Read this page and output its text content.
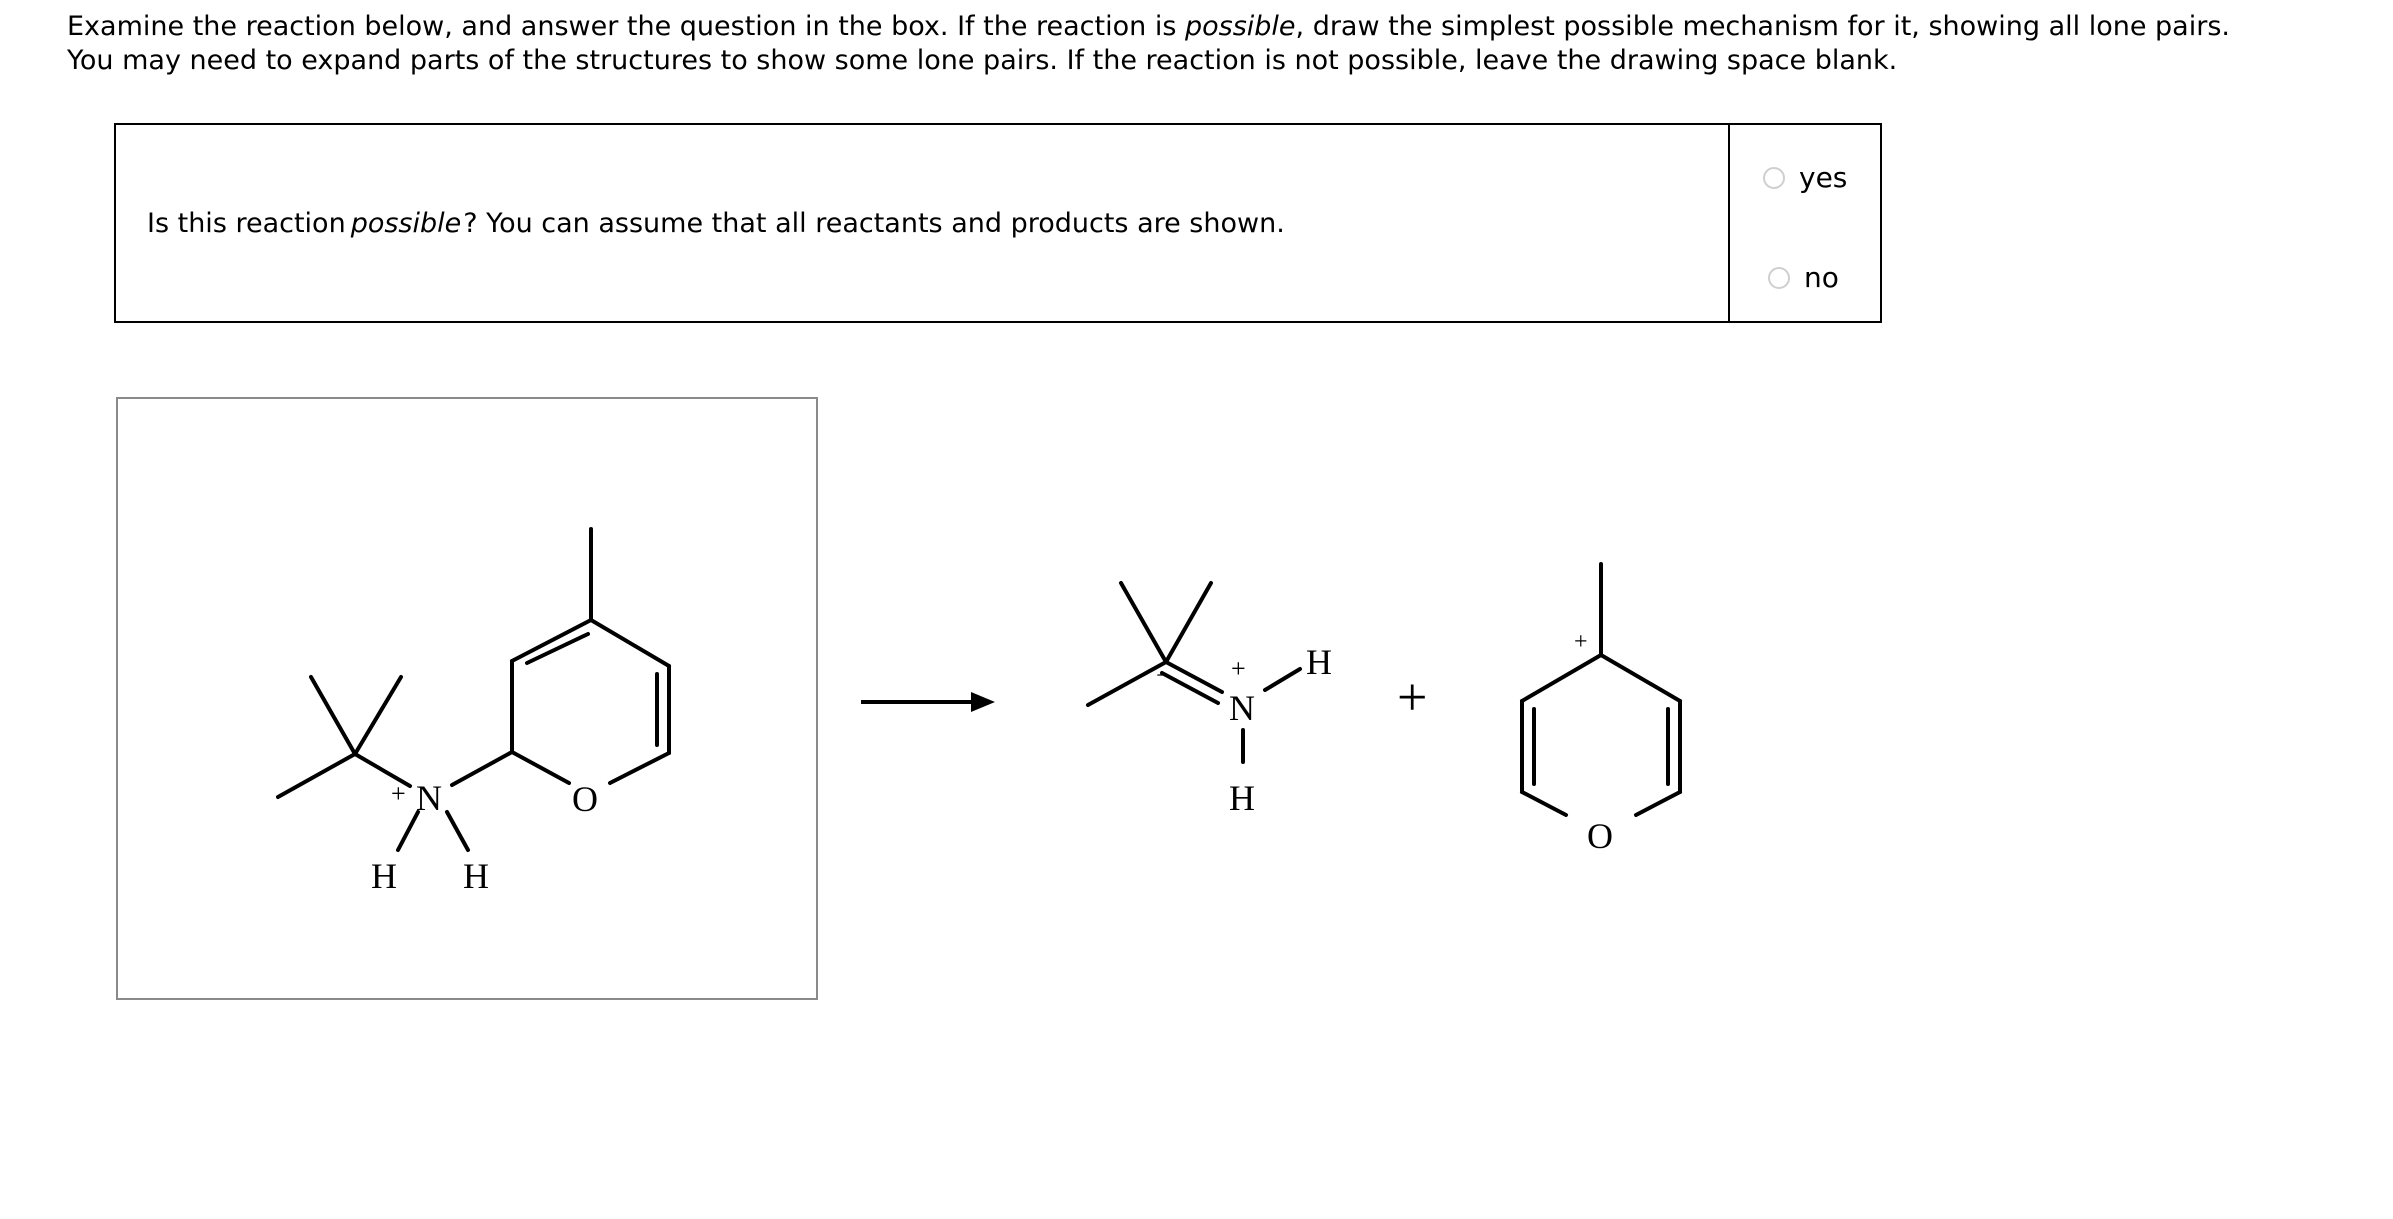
Examine the reaction below, and answer the question in the box. If the reaction is possible, draw the simplest possible mechanism for it, showing all lone pairs.

You may need to expand parts of the structures to show some lone pairs. If the reaction is not possible, leave the drawing space blank.

Is this reaction possible ? You can assume that all reactants and products are shown.
yes
no
+ N	O
H H
− +
N
H
H
+
+
O
